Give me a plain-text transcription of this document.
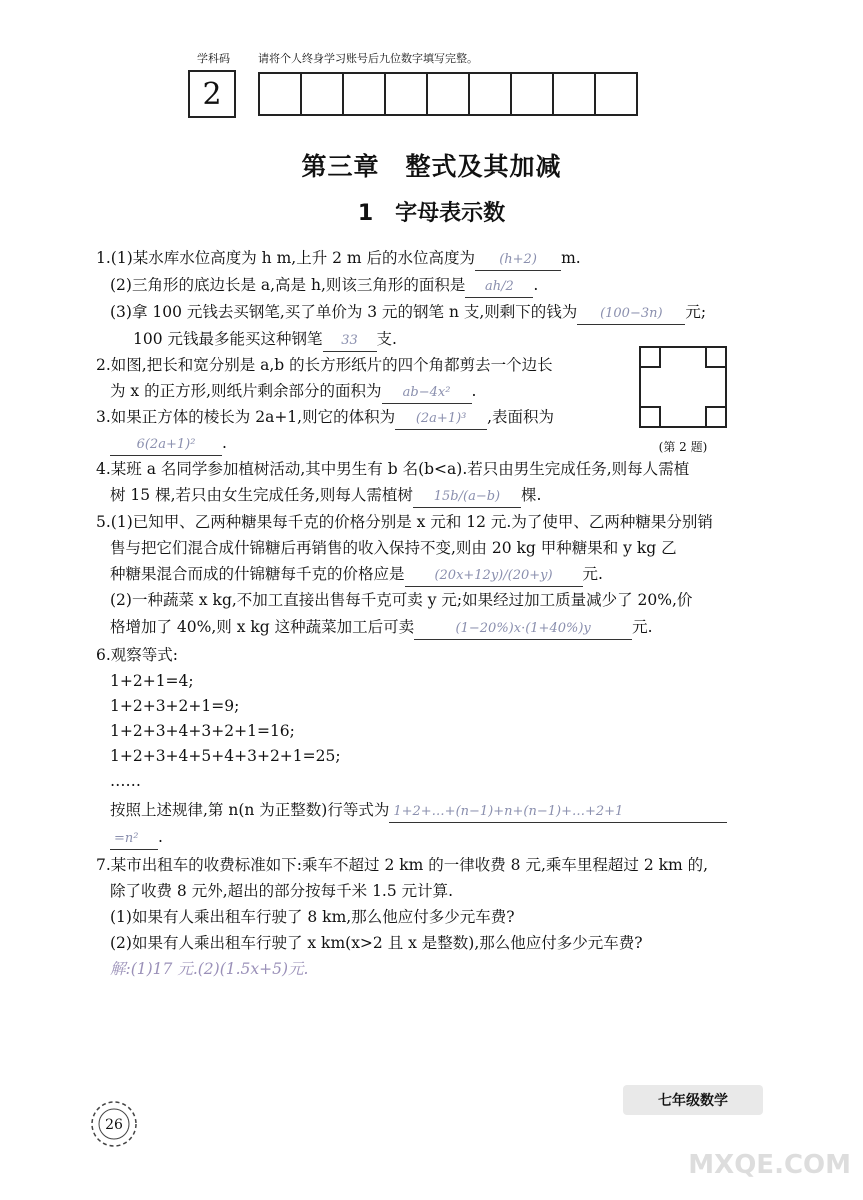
学科码	请将个人终身学习账号后九位数字填写完整。
2
第三章　整式及其加减
1　字母表示数
1.(1)某水库水位高度为 h m,上升 2 m 后的水位高度为 (h+2) m.
(2)三角形的底边长是 a,高是 h,则该三角形的面积是 ah/2 .
(3)拿 100 元钱去买钢笔,买了单价为 3 元的钢笔 n 支,则剩下的钱为 (100−3n) 元;
100 元钱最多能买这种钢笔 33 支.
2.如图,把长和宽分别是 a,b 的长方形纸片的四个角都剪去一个边长
为 x 的正方形,则纸片剩余部分的面积为 ab−4x² .
(第 2 题)
3.如果正方体的棱长为 2a+1,则它的体积为 (2a+1)³ ,表面积为
6(2a+1)² .
4.某班 a 名同学参加植树活动,其中男生有 b 名(b<a).若只由男生完成任务,则每人需植
树 15 棵,若只由女生完成任务,则每人需植树 15b/(a−b) 棵.
5.(1)已知甲、乙两种糖果每千克的价格分别是 x 元和 12 元.为了使甲、乙两种糖果分别销
售与把它们混合成什锦糖后再销售的收入保持不变,则由 20 kg 甲种糖果和 y kg 乙
种糖果混合而成的什锦糖每千克的价格应是 (20x+12y)/(20+y) 元.
(2)一种蔬菜 x kg,不加工直接出售每千克可卖 y 元;如果经过加工质量减少了 20%,价
格增加了 40%,则 x kg 这种蔬菜加工后可卖	(1−20%)x·(1+40%)y	元.
6.观察等式:
1+2+1=4;
1+2+3+2+1=9;
1+2+3+4+3+2+1=16;
1+2+3+4+5+4+3+2+1=25;
……
按照上述规律,第 n(n 为正整数)行等式为 1+2+…+(n−1)+n+(n−1)+…+2+1
=n² .
7.某市出租车的收费标准如下:乘车不超过 2 km 的一律收费 8 元,乘车里程超过 2 km 的,
除了收费 8 元外,超出的部分按每千米 1.5 元计算.
(1)如果有人乘出租车行驶了 8 km,那么他应付多少元车费?
(2)如果有人乘出租车行驶了 x km(x>2 且 x 是整数),那么他应付多少元车费?
解:(1)17 元.(2)(1.5x+5)元.
26
七年级数学
MXQE.COM
